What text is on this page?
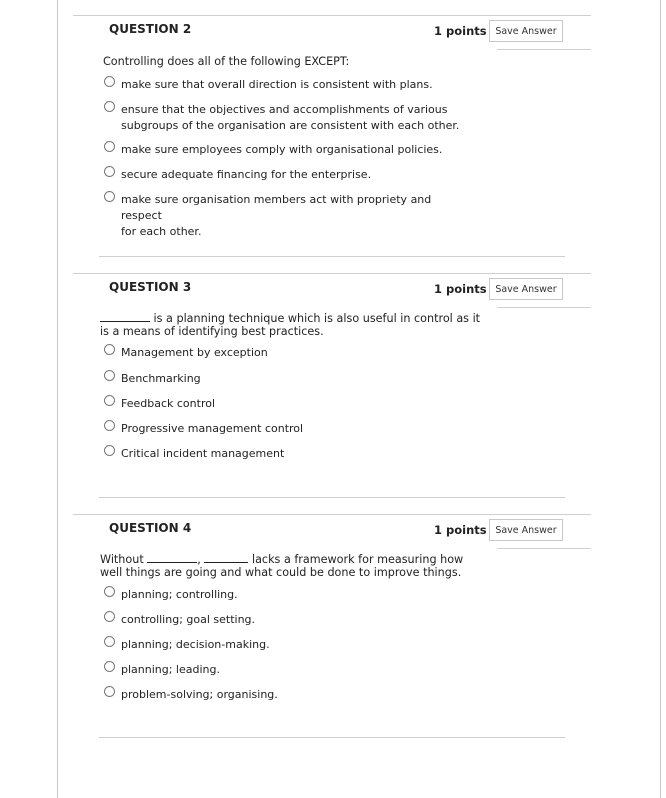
QUESTION 2	1 points Save Answer
Controlling does all of the following EXCEPT:
make sure that overall direction is consistent with plans.
ensure that the objectives and accomplishments of various
subgroups of the organisation are consistent with each other.
make sure employees comply with organisational policies.
secure adequate financing for the enterprise.
make sure organisation members act with propriety and respect
for each other.
QUESTION 3	1 points Save Answer
is a planning technique which is also useful in control as it
is a means of identifying best practices.
Management by exception
Benchmarking
Feedback control
Progressive management control
Critical incident management
QUESTION 4	1 points Save Answer
Without	,	lacks a framework for measuring how
well things are going and what could be done to improve things.
planning; controlling.
controlling; goal setting.
planning; decision-making.
planning; leading.
problem-solving; organising.
